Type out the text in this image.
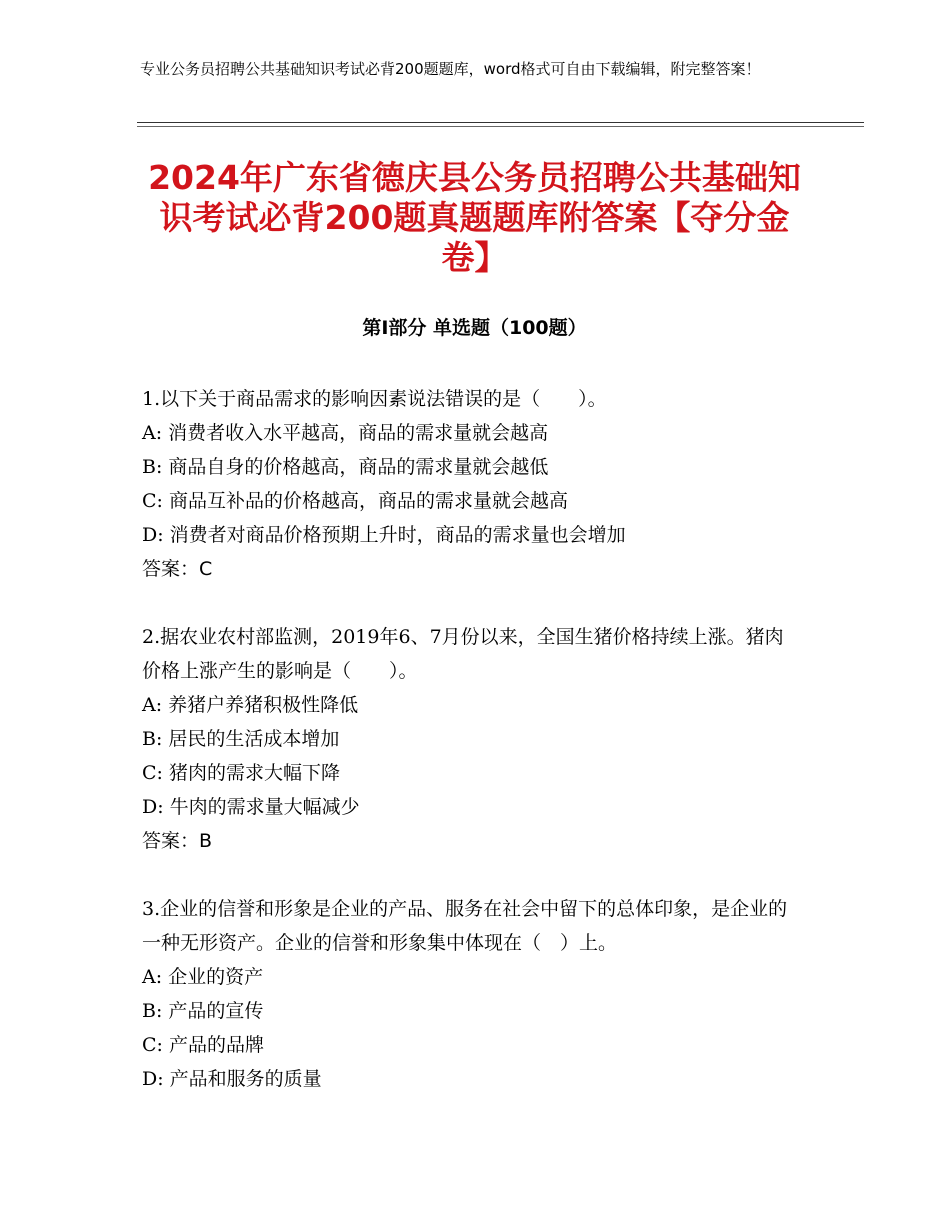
专业公务员招聘公共基础知识考试必背200题题库，word格式可自由下载编辑，附完整答案！
2024年广东省德庆县公务员招聘公共基础知识考试必背200题真题题库附答案【夺分金卷】
第Ⅰ部分 单选题（100题）
1.以下关于商品需求的影响因素说法错误的是（　　）。
A: 消费者收入水平越高，商品的需求量就会越高
B: 商品自身的价格越高，商品的需求量就会越低
C: 商品互补品的价格越高，商品的需求量就会越高
D: 消费者对商品价格预期上升时，商品的需求量也会增加
答案：C
2.据农业农村部监测，2019年6、7月份以来，全国生猪价格持续上涨。猪肉价格上涨产生的影响是（　　）。
A: 养猪户养猪积极性降低
B: 居民的生活成本增加
C: 猪肉的需求大幅下降
D: 牛肉的需求量大幅减少
答案：B
3.企业的信誉和形象是企业的产品、服务在社会中留下的总体印象，是企业的一种无形资产。企业的信誉和形象集中体现在（　）上。
A: 企业的资产
B: 产品的宣传
C: 产品的品牌
D: 产品和服务的质量
